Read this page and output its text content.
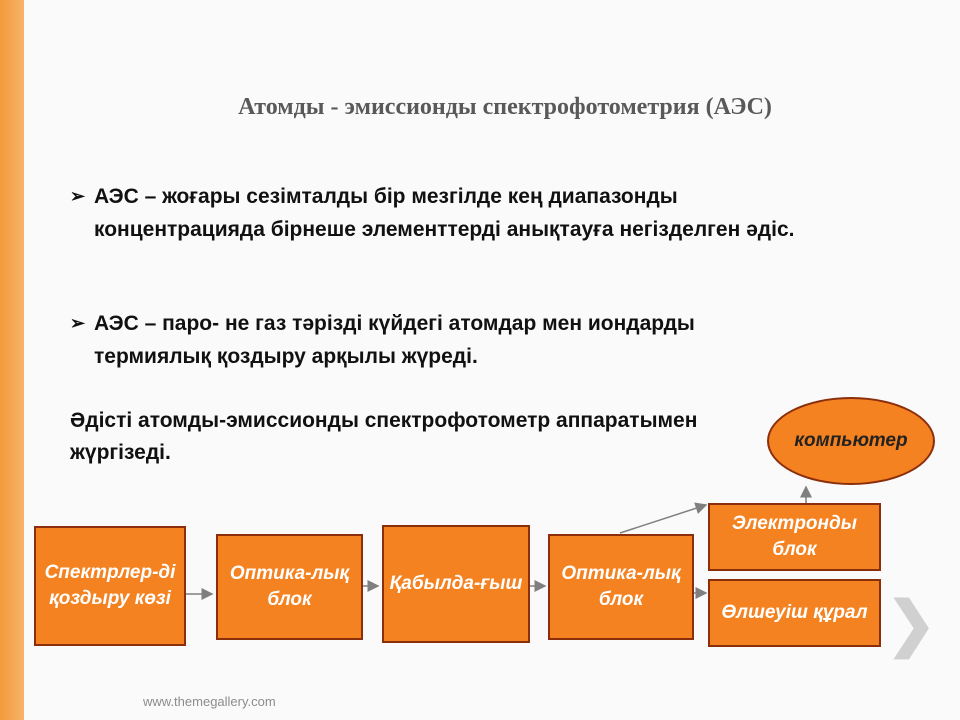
Атомды - эмиссионды спектрофотометрия (АЭС)
➢ АЭС – жоғары сезімталды бір мезгілде кең диапазонды концентрацияда бірнеше элементтерді анықтауға негізделген әдіс.
➢ АЭС – паро- не газ тәрізді күйдегі атомдар мен иондарды термиялық қоздыру арқылы жүреді.
Әдісті атомды-эмиссионды спектрофотометр аппаратымен жүргізеді.
Спектрлер-ді қоздыру көзі
Оптика-лық блок
Қабылда-ғыш	Оптика-лық блок
Электронды блок
Өлшеуіш құрал
компьютер
❯
www.themegallery.com
